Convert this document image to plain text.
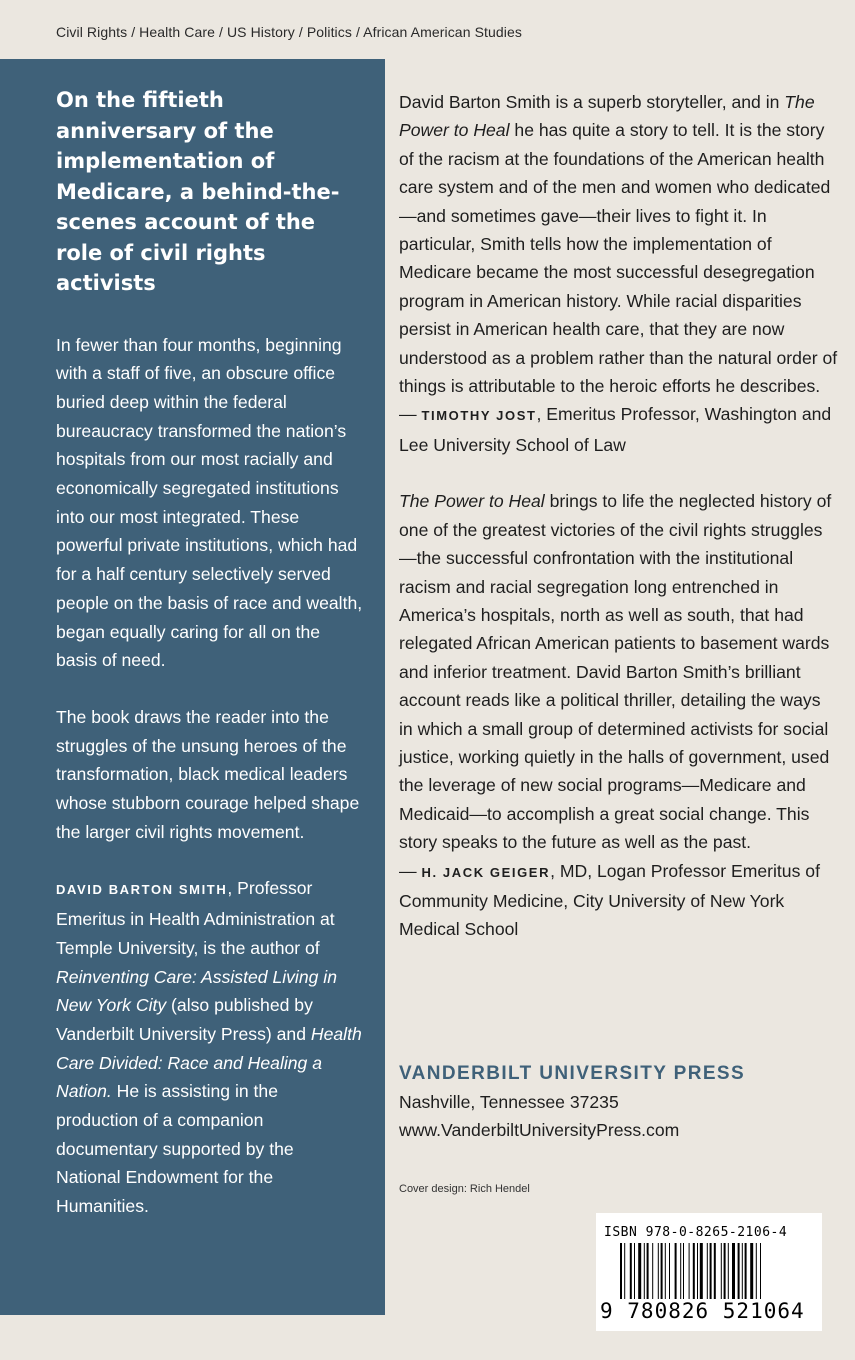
Civil Rights / Health Care / US History / Politics / African American Studies
On the fiftieth anniversary of the implementation of Medicare, a behind-the-scenes account of the role of civil rights activists

In fewer than four months, beginning with a staff of five, an obscure office buried deep within the federal bureaucracy transformed the nation’s hospitals from our most racially and economically segregated institutions into our most integrated. These powerful private institutions, which had for a half century selectively served people on the basis of race and wealth, began equally caring for all on the basis of need.

The book draws the reader into the struggles of the unsung heroes of the transformation, black medical leaders whose stubborn courage helped shape the larger civil rights movement.

DAVID BARTON SMITH, Professor Emeritus in Health Administration at Temple University, is the author of Reinventing Care: Assisted Living in New York City (also published by Vanderbilt University Press) and Health Care Divided: Race and Healing a Nation. He is assisting in the production of a companion documentary supported by the National Endowment for the Humanities.

David Barton Smith is a superb storyteller, and in The Power to Heal he has quite a story to tell. It is the story of the racism at the foundations of the American health care system and of the men and women who dedicated—and sometimes gave—their lives to fight it. In particular, Smith tells how the implementation of Medicare became the most successful desegregation program in American history. While racial disparities persist in American health care, that they are now understood as a problem rather than the natural order of things is attributable to the heroic efforts he describes.
— TIMOTHY JOST, Emeritus Professor, Washington and Lee University School of Law

The Power to Heal brings to life the neglected history of one of the greatest victories of the civil rights struggles—the successful confrontation with the institutional racism and racial segregation long entrenched in America’s hospitals, north as well as south, that had relegated African American patients to basement wards and inferior treatment. David Barton Smith’s brilliant account reads like a political thriller, detailing the ways in which a small group of determined activists for social justice, working quietly in the halls of government, used the leverage of new social programs—Medicare and Medicaid—to accomplish a great social change. This story speaks to the future as well as the past.
— H. JACK GEIGER, MD, Logan Professor Emeritus of Community Medicine, City University of New York Medical School

VANDERBILT UNIVERSITY PRESS
Nashville, Tennessee 37235
www.VanderbiltUniversityPress.com
Cover design: Rich Hendel
ISBN 978-0-8265-2106-4
9 780826 521064
